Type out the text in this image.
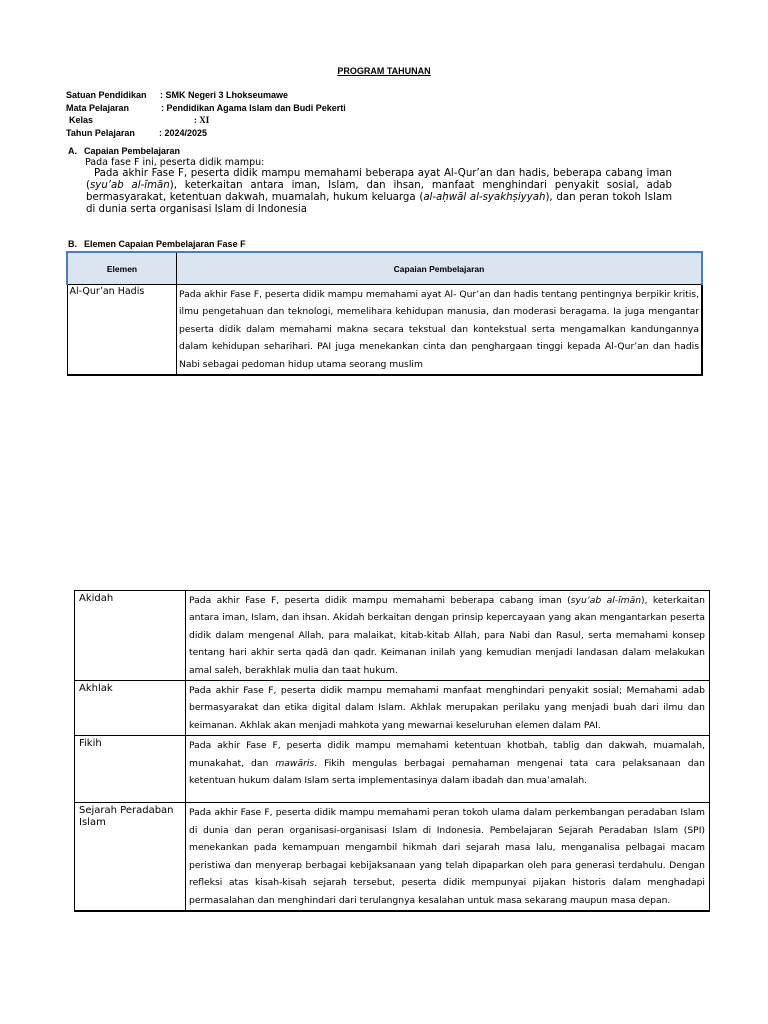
PROGRAM TAHUNAN
Satuan Pendidikan : SMK Negeri 3 Lhokseumawe
Mata Pelajaran	: Pendidikan Agama Islam dan Budi Pekerti
Kelas	: XI
Tahun Pelajaran	: 2024/2025
A. Capaian Pembelajaran
Pada fase F ini, peserta didik mampu:
Pada akhir Fase F, peserta didik mampu memahami beberapa ayat Al-Qur’an dan hadis, beberapa cabang iman (syu’ab al-īmān), keterkaitan antara iman, Islam, dan ihsan, manfaat menghindari penyakit sosial, adab bermasyarakat, ketentuan dakwah, muamalah, hukum keluarga (al-aḥwāl al-syakhṣiyyah), dan peran tokoh Islam di dunia serta organisasi Islam di Indonesia
B. Elemen Capaian Pembelajaran Fase F
Elemen	Capaian Pembelajaran
Al-Qur’an Hadis	Pada akhir Fase F, peserta didik mampu memahami ayat Al- Qur’an dan hadis tentang pentingnya berpikir kritis, ilmu pengetahuan dan teknologi, memelihara kehidupan manusia, dan moderasi beragama. Ia juga mengantar peserta didik dalam memahami makna secara tekstual dan kontekstual serta mengamalkan kandungannya dalam kehidupan seharihari. PAI juga menekankan cinta dan penghargaan tinggi kepada Al-Qur’an dan hadis Nabi sebagai pedoman hidup utama seorang muslim
Akidah	Pada akhir Fase F, peserta didik mampu memahami beberapa cabang iman (syu’ab al-īmān), keterkaitan antara iman, Islam, dan ihsan. Akidah berkaitan dengan prinsip kepercayaan yang akan mengantarkan peserta didik dalam mengenal Allah, para malaikat, kitab-kitab Allah, para Nabi dan Rasul, serta memahami konsep tentang hari akhir serta qadā dan qadr. Keimanan inilah yang kemudian menjadi landasan dalam melakukan amal saleh, berakhlak mulia dan taat hukum.
Akhlak	Pada akhir Fase F, peserta didik mampu memahami manfaat menghindari penyakit sosial; Memahami adab bermasyarakat dan etika digital dalam Islam. Akhlak merupakan perilaku yang menjadi buah dari ilmu dan keimanan. Akhlak akan menjadi mahkota yang mewarnai keseluruhan elemen dalam PAI.
Fikih	Pada akhir Fase F, peserta didik mampu memahami ketentuan khotbah, tablig dan dakwah, muamalah, munakahat, dan mawāris. Fikih mengulas berbagai pemahaman mengenai tata cara pelaksanaan dan ketentuan hukum dalam Islam serta implementasinya dalam ibadah dan mua’amalah.

Sejarah Peradaban Islam	Pada akhir Fase F, peserta didik mampu memahami peran tokoh ulama dalam perkembangan peradaban Islam di dunia dan peran organisasi-organisasi Islam di Indonesia. Pembelajaran Sejarah Peradaban Islam (SPI) menekankan pada kemampuan mengambil hikmah dari sejarah masa lalu, menganalisa pelbagai macam peristiwa dan menyerap berbagai kebijaksanaan yang telah dipaparkan oleh para generasi terdahulu. Dengan refleksi atas kisah-kisah sejarah tersebut, peserta didik mempunyai pijakan historis dalam menghadapi permasalahan dan menghindari dari terulangnya kesalahan untuk masa sekarang maupun masa depan.
